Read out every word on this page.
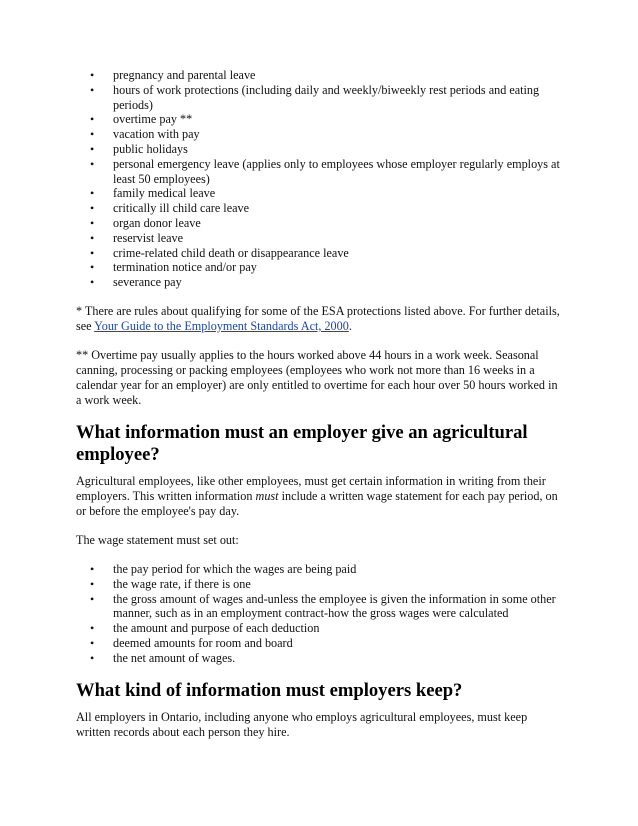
• pregnancy and parental leave
• hours of work protections (including daily and weekly/biweekly rest periods and eating periods)
• overtime pay **
• vacation with pay
• public holidays
• personal emergency leave (applies only to employees whose employer regularly employs at least 50 employees)
• family medical leave
• critically ill child care leave
• organ donor leave
• reservist leave
• crime-related child death or disappearance leave
• termination notice and/or pay
• severance pay

* There are rules about qualifying for some of the ESA protections listed above. For further details, see Your Guide to the Employment Standards Act, 2000.

** Overtime pay usually applies to the hours worked above 44 hours in a work week. Seasonal canning, processing or packing employees (employees who work not more than 16 weeks in a calendar year for an employer) are only entitled to overtime for each hour over 50 hours worked in a work week.

What information must an employer give an agricultural employee?

Agricultural employees, like other employees, must get certain information in writing from their employers. This written information must include a written wage statement for each pay period, on or before the employee's pay day.

The wage statement must set out:

• the pay period for which the wages are being paid
• the wage rate, if there is one
• the gross amount of wages and-unless the employee is given the information in some other manner, such as in an employment contract-how the gross wages were calculated
• the amount and purpose of each deduction
• deemed amounts for room and board
• the net amount of wages.
What kind of information must employers keep?

All employers in Ontario, including anyone who employs agricultural employees, must keep written records about each person they hire.
